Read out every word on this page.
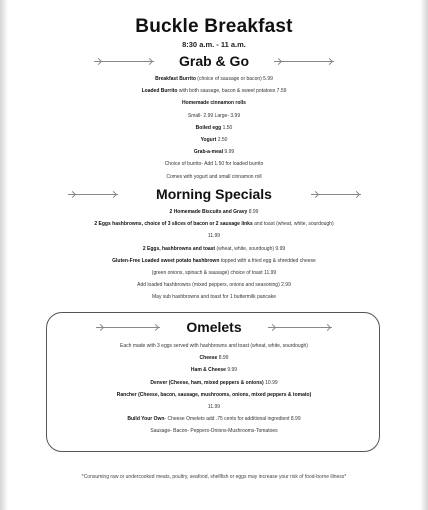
Buckle Breakfast
8:30 a.m. - 11 a.m.
Grab & Go
Breakfast Burrito (choice of sausage or bacon) 5.99
Loaded Burrito with both sausage, bacon & sweet potatoes 7.59
Homemade cinnamon rolls
Small- 2.99 Large- 3.99
Boiled egg 1.50
Yogurt 2.50
Grab-a-meal 9.99
Choice of burrito- Add 1.50 for loaded burrito
Comes with yogurt and small cinnamon roll
Morning Specials
2 Homemade Biscuits and Gravy 8.99
2 Eggs hashbrowns, choice of 3 slices of bacon or 2 sausage links and toast (wheat, white, sourdough)
11.99
2 Eggs, hashbrowns and toast (wheat, white, sourdough) 9.99
Gluten-Free Loaded sweet potato hashbrown topped with a fried egg & shredded cheese
(green onions, spinach & sausage) choice of toast 11.99
Add loaded hashbrowns (mixed peppers, onions and seasoning) 2.99
May sub hashbrowns and toast for 1 buttermilk pancake
Omelets
Each made with 3 eggs served with hashbrowns and toast (wheat, white, sourdough)
Cheese 8.99
Ham & Cheese 9.99
Denver (Cheese, ham, mixed peppers & onions) 10.99
Rancher (Cheese, bacon, sausage, mushrooms, onions, mixed peppers & tomato)
11.99
Build Your Own- Cheese Omelets add .75 cents for additional ingredient 8.99
Sausage- Bacon- Peppers-Onions-Mushrooms-Tomatoes
*Consuming raw or undercooked meats, poultry, seafood, shellfish or eggs may increase your risk of food-borne illness*
